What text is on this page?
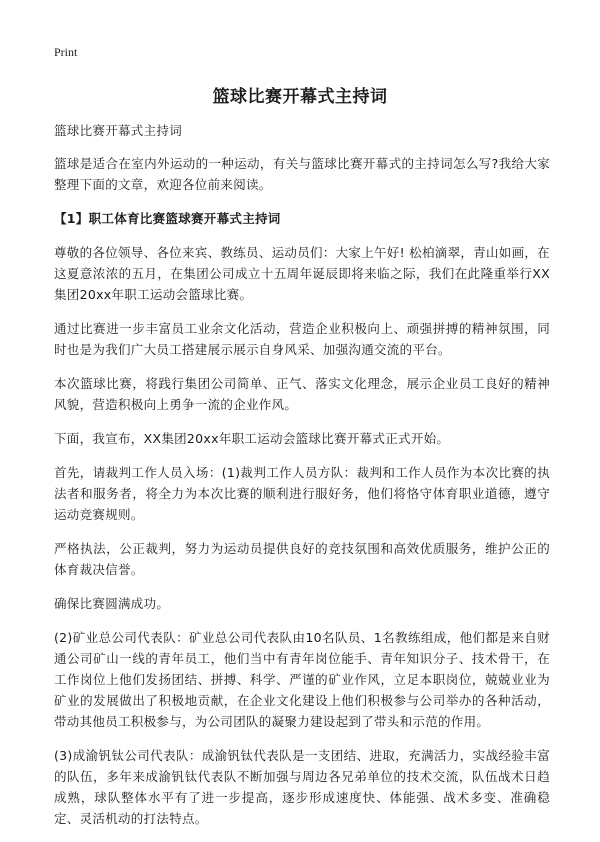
Print
篮球比赛开幕式主持词

篮球比赛开幕式主持词

篮球是适合在室内外运动的一种运动，有关与篮球比赛开幕式的主持词怎么写?我给大家整理下面的文章，欢迎各位前来阅读。

【1】职工体育比赛篮球赛开幕式主持词

尊敬的各位领导、各位来宾、教练员、运动员们：大家上午好! 松柏滴翠，青山如画，在这夏意浓浓的五月，在集团公司成立十五周年诞辰即将来临之际，我们在此隆重举行XX集团20xx年职工运动会篮球比赛。

通过比赛进一步丰富员工业余文化活动，营造企业积极向上、顽强拼搏的精神氛围，同时也是为我们广大员工搭建展示展示自身风采、加强沟通交流的平台。

本次篮球比赛，将践行集团公司简单、正气、落实文化理念，展示企业员工良好的精神风貌，营造积极向上勇争一流的企业作风。

下面，我宣布，XX集团20xx年职工运动会篮球比赛开幕式正式开始。

首先，请裁判工作人员入场：(1)裁判工作人员方队：裁判和工作人员作为本次比赛的执法者和服务者，将全力为本次比赛的顺利进行服好务，他们将恪守体育职业道德，遵守运动竞赛规则。

严格执法，公正裁判，努力为运动员提供良好的竞技氛围和高效优质服务，维护公正的体育裁决信誉。

确保比赛圆满成功。

(2)矿业总公司代表队：矿业总公司代表队由10名队员、1名教练组成，他们都是来自财通公司矿山一线的青年员工，他们当中有青年岗位能手、青年知识分子、技术骨干，在工作岗位上他们发扬团结、拼搏、科学、严谨的矿业作风，立足本职岗位，兢兢业业为矿业的发展做出了积极地贡献，在企业文化建设上他们积极参与公司举办的各种活动，带动其他员工积极参与，为公司团队的凝聚力建设起到了带头和示范的作用。

(3)成渝钒钛公司代表队：成渝钒钛代表队是一支团结、进取，充满活力，实战经验丰富的队伍，多年来成渝钒钛代表队不断加强与周边各兄弟单位的技术交流，队伍战术日趋成熟，球队整体水平有了进一步提高，逐步形成速度快、体能强、战术多变、准确稳定、灵活机动的打法特点。
